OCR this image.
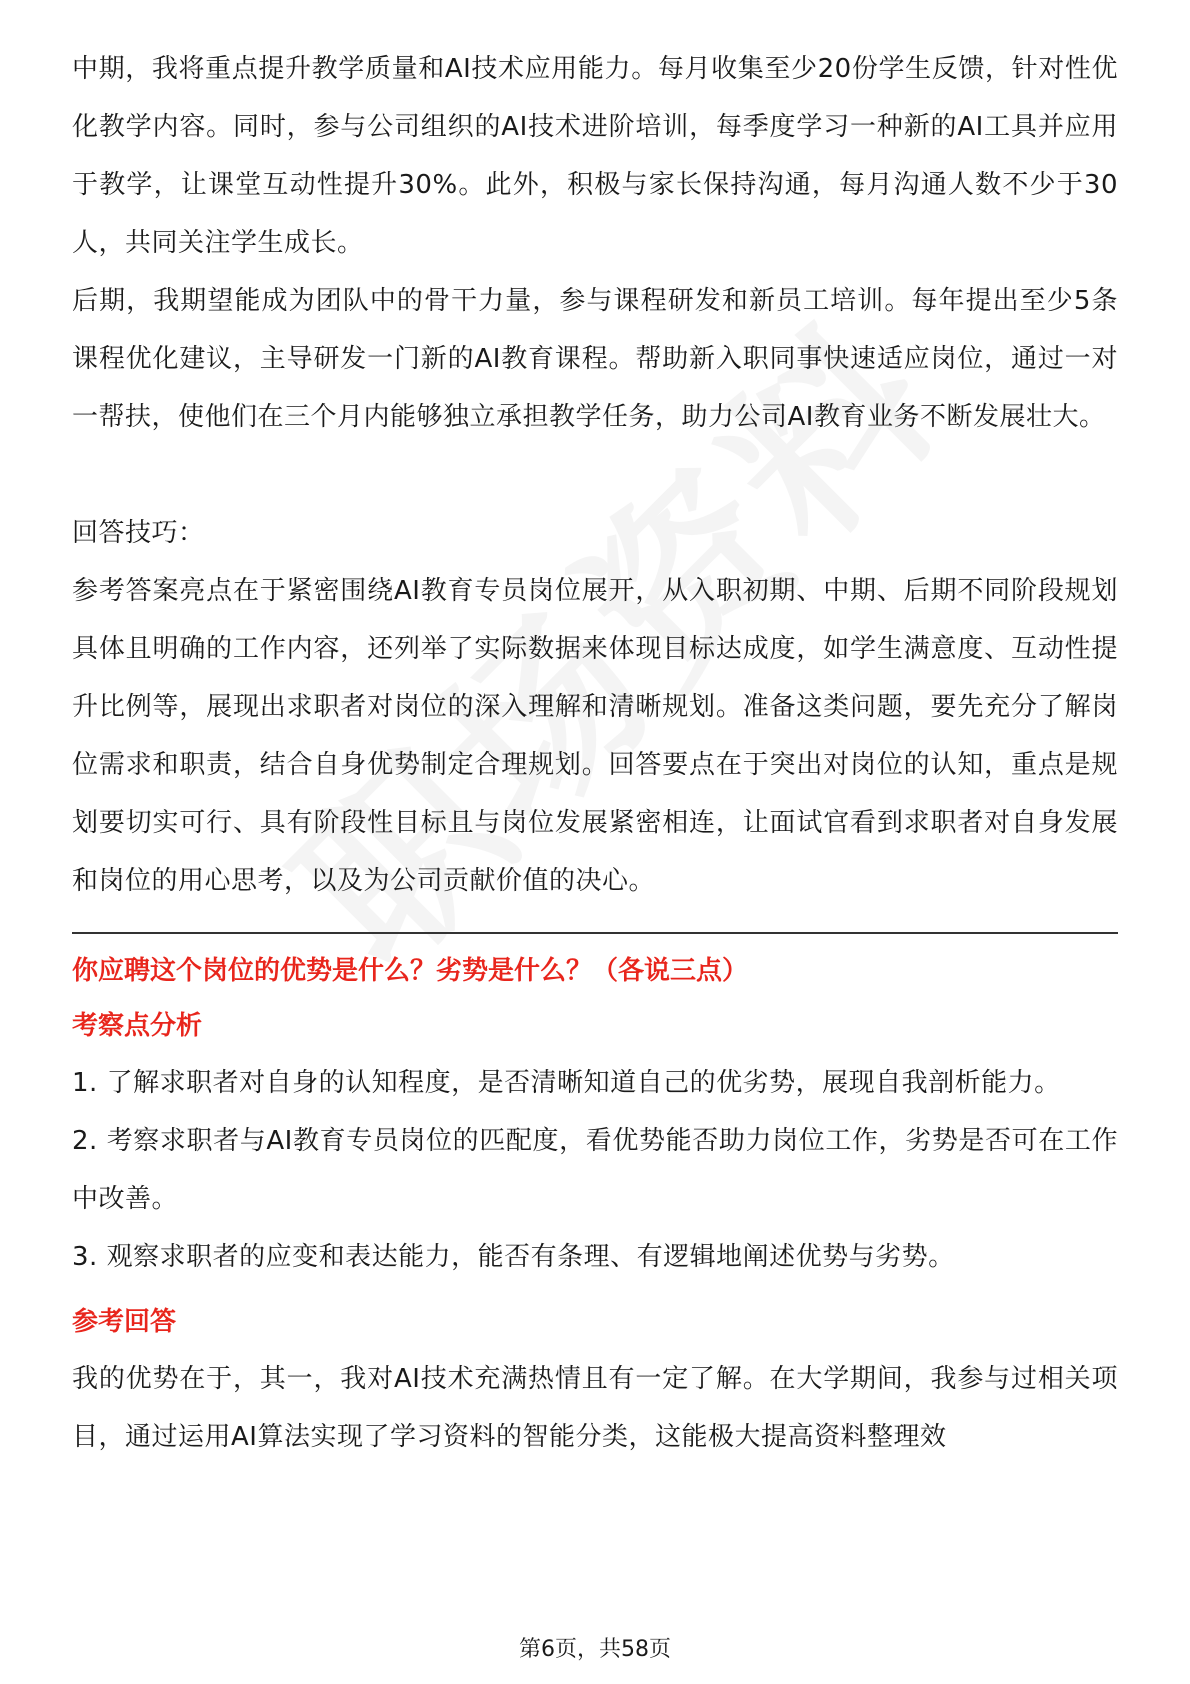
中期，我将重点提升教学质量和AI技术应用能力。每月收集至少20份学生反馈，针对性优化教学内容。同时，参与公司组织的AI技术进阶培训，每季度学习一种新的AI工具并应用于教学，让课堂互动性提升30%。此外，积极与家长保持沟通，每月沟通人数不少于30人，共同关注学生成长。

后期，我期望能成为团队中的骨干力量，参与课程研发和新员工培训。每年提出至少5条课程优化建议，主导研发一门新的AI教育课程。帮助新入职同事快速适应岗位，通过一对一帮扶，使他们在三个月内能够独立承担教学任务，助力公司AI教育业务不断发展壮大。

回答技巧：

参考答案亮点在于紧密围绕AI教育专员岗位展开，从入职初期、中期、后期不同阶段规划具体且明确的工作内容，还列举了实际数据来体现目标达成度，如学生满意度、互动性提升比例等，展现出求职者对岗位的深入理解和清晰规划。准备这类问题，要先充分了解岗位需求和职责，结合自身优势制定合理规划。回答要点在于突出对岗位的认知，重点是规划要切实可行、具有阶段性目标且与岗位发展紧密相连，让面试官看到求职者对自身发展和岗位的用心思考，以及为公司贡献价值的决心。

你应聘这个岗位的优势是什么？劣势是什么？（各说三点）

考察点分析

1. 了解求职者对自身的认知程度，是否清晰知道自己的优劣势，展现自我剖析能力。

2. 考察求职者与AI教育专员岗位的匹配度，看优势能否助力岗位工作，劣势是否可在工作中改善。

3. 观察求职者的应变和表达能力，能否有条理、有逻辑地阐述优势与劣势。

参考回答

我的优势在于，其一，我对AI技术充满热情且有一定了解。在大学期间，我参与过相关项目，通过运用AI算法实现了学习资料的智能分类，这能极大提高资料整理效

第6页，共58页
